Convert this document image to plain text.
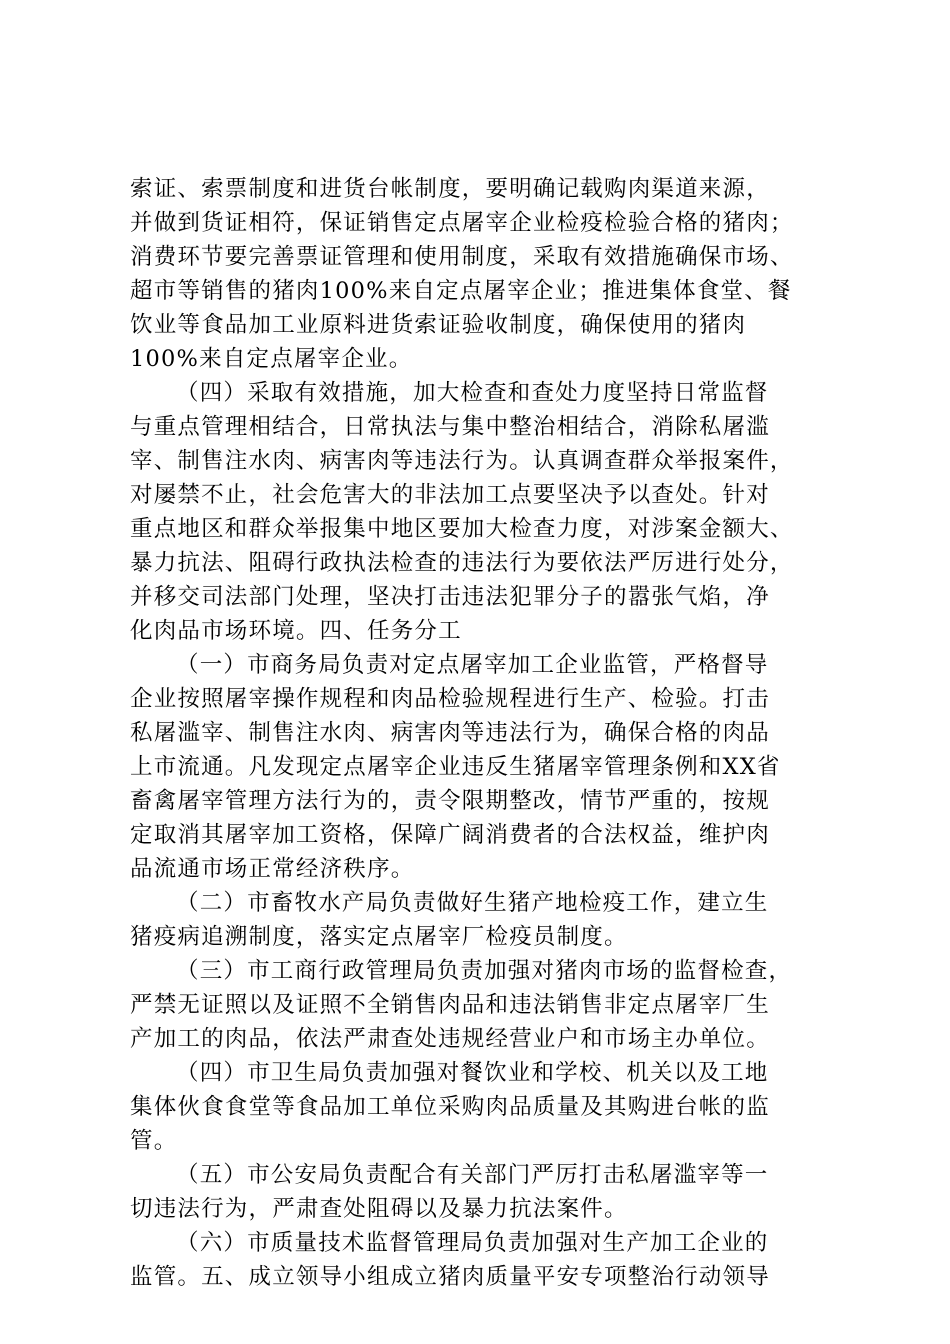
索证、索票制度和进货台帐制度，要明确记载购肉渠道来源，
并做到货证相符，保证销售定点屠宰企业检疫检验合格的猪肉；
消费环节要完善票证管理和使用制度，采取有效措施确保市场、
超市等销售的猪肉100%来自定点屠宰企业；推进集体食堂、餐
饮业等食品加工业原料进货索证验收制度，确保使用的猪肉
100%来自定点屠宰企业。
（四）采取有效措施，加大检查和查处力度坚持日常监督
与重点管理相结合，日常执法与集中整治相结合，消除私屠滥
宰、制售注水肉、病害肉等违法行为。认真调查群众举报案件，
对屡禁不止，社会危害大的非法加工点要坚决予以查处。针对
重点地区和群众举报集中地区要加大检查力度，对涉案金额大、
暴力抗法、阻碍行政执法检查的违法行为要依法严厉进行处分，
并移交司法部门处理，坚决打击违法犯罪分子的嚣张气焰，净
化肉品市场环境。四、任务分工
（一）市商务局负责对定点屠宰加工企业监管，严格督导
企业按照屠宰操作规程和肉品检验规程进行生产、检验。打击
私屠滥宰、制售注水肉、病害肉等违法行为，确保合格的肉品
上市流通。凡发现定点屠宰企业违反生猪屠宰管理条例和XX省
畜禽屠宰管理方法行为的，责令限期整改，情节严重的，按规
定取消其屠宰加工资格，保障广阔消费者的合法权益，维护肉
品流通市场正常经济秩序。
（二）市畜牧水产局负责做好生猪产地检疫工作，建立生
猪疫病追溯制度，落实定点屠宰厂检疫员制度。
（三）市工商行政管理局负责加强对猪肉市场的监督检查，
严禁无证照以及证照不全销售肉品和违法销售非定点屠宰厂生
产加工的肉品，依法严肃查处违规经营业户和市场主办单位。
（四）市卫生局负责加强对餐饮业和学校、机关以及工地
集体伙食食堂等食品加工单位采购肉品质量及其购进台帐的监
管。
（五）市公安局负责配合有关部门严厉打击私屠滥宰等一
切违法行为，严肃查处阻碍以及暴力抗法案件。
（六）市质量技术监督管理局负责加强对生产加工企业的
监管。五、成立领导小组成立猪肉质量平安专项整治行动领导
